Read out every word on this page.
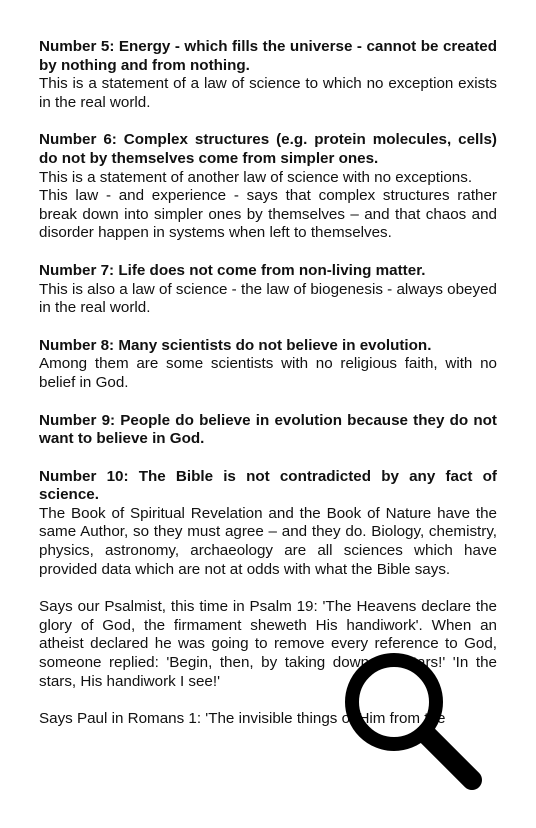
Number 5: Energy - which fills the universe - cannot be created by nothing and from nothing.

This is a statement of a law of science to which no exception exists in the real world.

Number 6: Complex structures (e.g. protein molecules, cells) do not by themselves come from simpler ones.

This is a statement of another law of science with no exceptions.

This law - and experience - says that complex structures rather break down into simpler ones by themselves – and that chaos and disorder happen in systems when left to themselves.

Number 7: Life does not come from non-living matter.

This is also a law of science - the law of biogenesis - always obeyed in the real world.

Number 8: Many scientists do not believe in evolution.

Among them are some scientists with no religious faith, with no belief in God.

Number 9: People do believe in evolution because they do not want to believe in God.

Number 10: The Bible is not contradicted by any fact of science.

The Book of Spiritual Revelation and the Book of Nature have the same Author, so they must agree – and they do. Biology, chemistry, physics, astronomy, archaeology are all sciences which have provided data which are not at odds with what the Bible says.

Says our Psalmist, this time in Psalm 19: 'The Heavens declare the glory of God, the firmament sheweth His handiwork'. When an atheist declared he was going to remove every reference to God, someone replied: 'Begin, then, by taking down the stars!' 'In the stars, His handiwork I see!'

Says Paul in Romans 1: 'The invisible things of Him from the
